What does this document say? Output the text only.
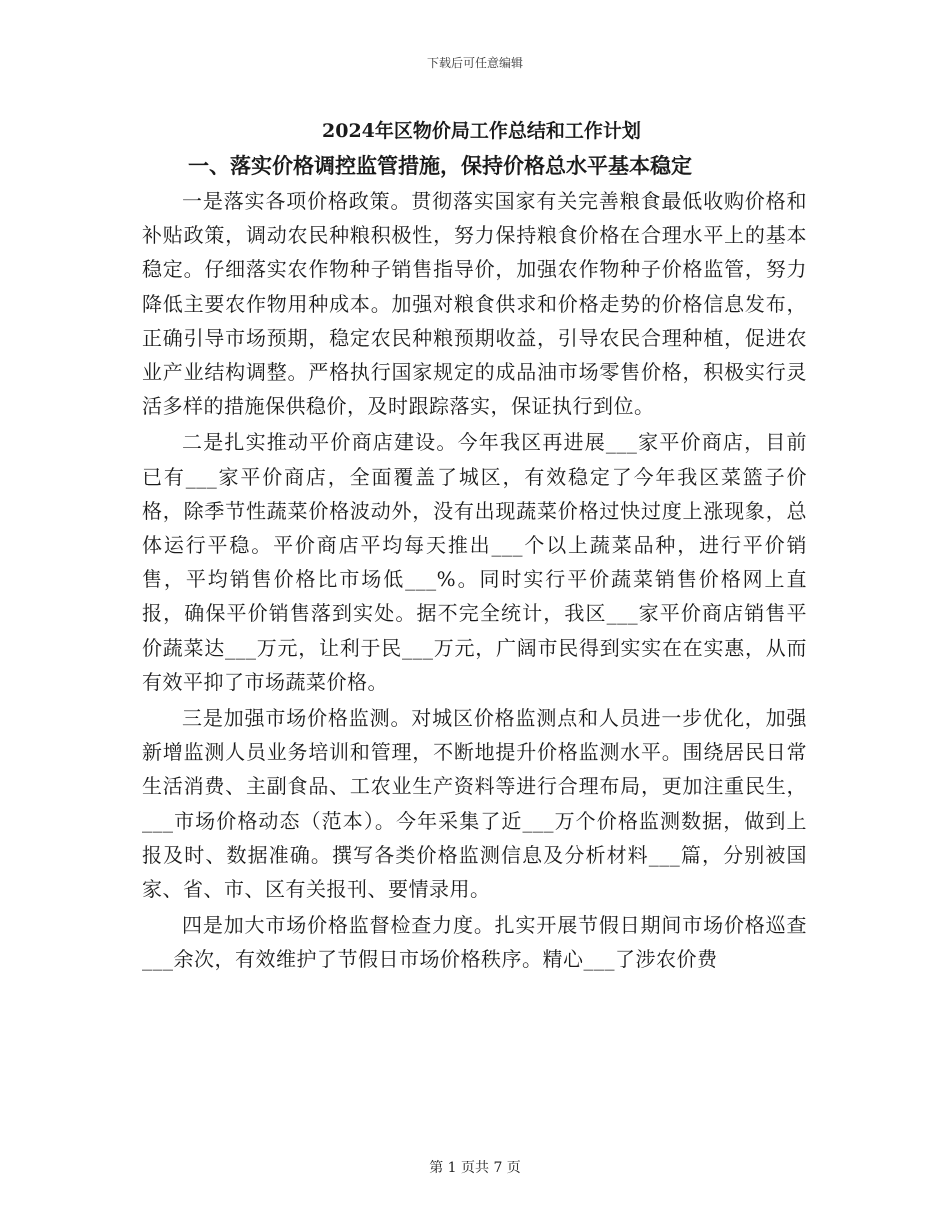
下载后可任意编辑
2024年区物价局工作总结和工作计划
一、落实价格调控监管措施，保持价格总水平基本稳定

一是落实各项价格政策。贯彻落实国家有关完善粮食最低收购价格和补贴政策，调动农民种粮积极性，努力保持粮食价格在合理水平上的基本稳定。仔细落实农作物种子销售指导价，加强农作物种子价格监管，努力降低主要农作物用种成本。加强对粮食供求和价格走势的价格信息发布，正确引导市场预期，稳定农民种粮预期收益，引导农民合理种植，促进农业产业结构调整。严格执行国家规定的成品油市场零售价格，积极实行灵活多样的措施保供稳价，及时跟踪落实，保证执行到位。

二是扎实推动平价商店建设。今年我区再进展___家平价商店，目前已有___家平价商店，全面覆盖了城区，有效稳定了今年我区菜篮子价格，除季节性蔬菜价格波动外，没有出现蔬菜价格过快过度上涨现象，总体运行平稳。平价商店平均每天推出___个以上蔬菜品种，进行平价销售，平均销售价格比市场低___%。同时实行平价蔬菜销售价格网上直报，确保平价销售落到实处。据不完全统计，我区___家平价商店销售平价蔬菜达___万元，让利于民___万元，广阔市民得到实实在在实惠，从而有效平抑了市场蔬菜价格。

三是加强市场价格监测。对城区价格监测点和人员进一步优化，加强新增监测人员业务培训和管理，不断地提升价格监测水平。围绕居民日常生活消费、主副食品、工农业生产资料等进行合理布局，更加注重民生，___市场价格动态（范本）。今年采集了近___万个价格监测数据，做到上报及时、数据准确。撰写各类价格监测信息及分析材料___篇，分别被国家、省、市、区有关报刊、要情录用。

四是加大市场价格监督检查力度。扎实开展节假日期间市场价格巡查___余次，有效维护了节假日市场价格秩序。精心___了涉农价费

第 1 页共 7 页
